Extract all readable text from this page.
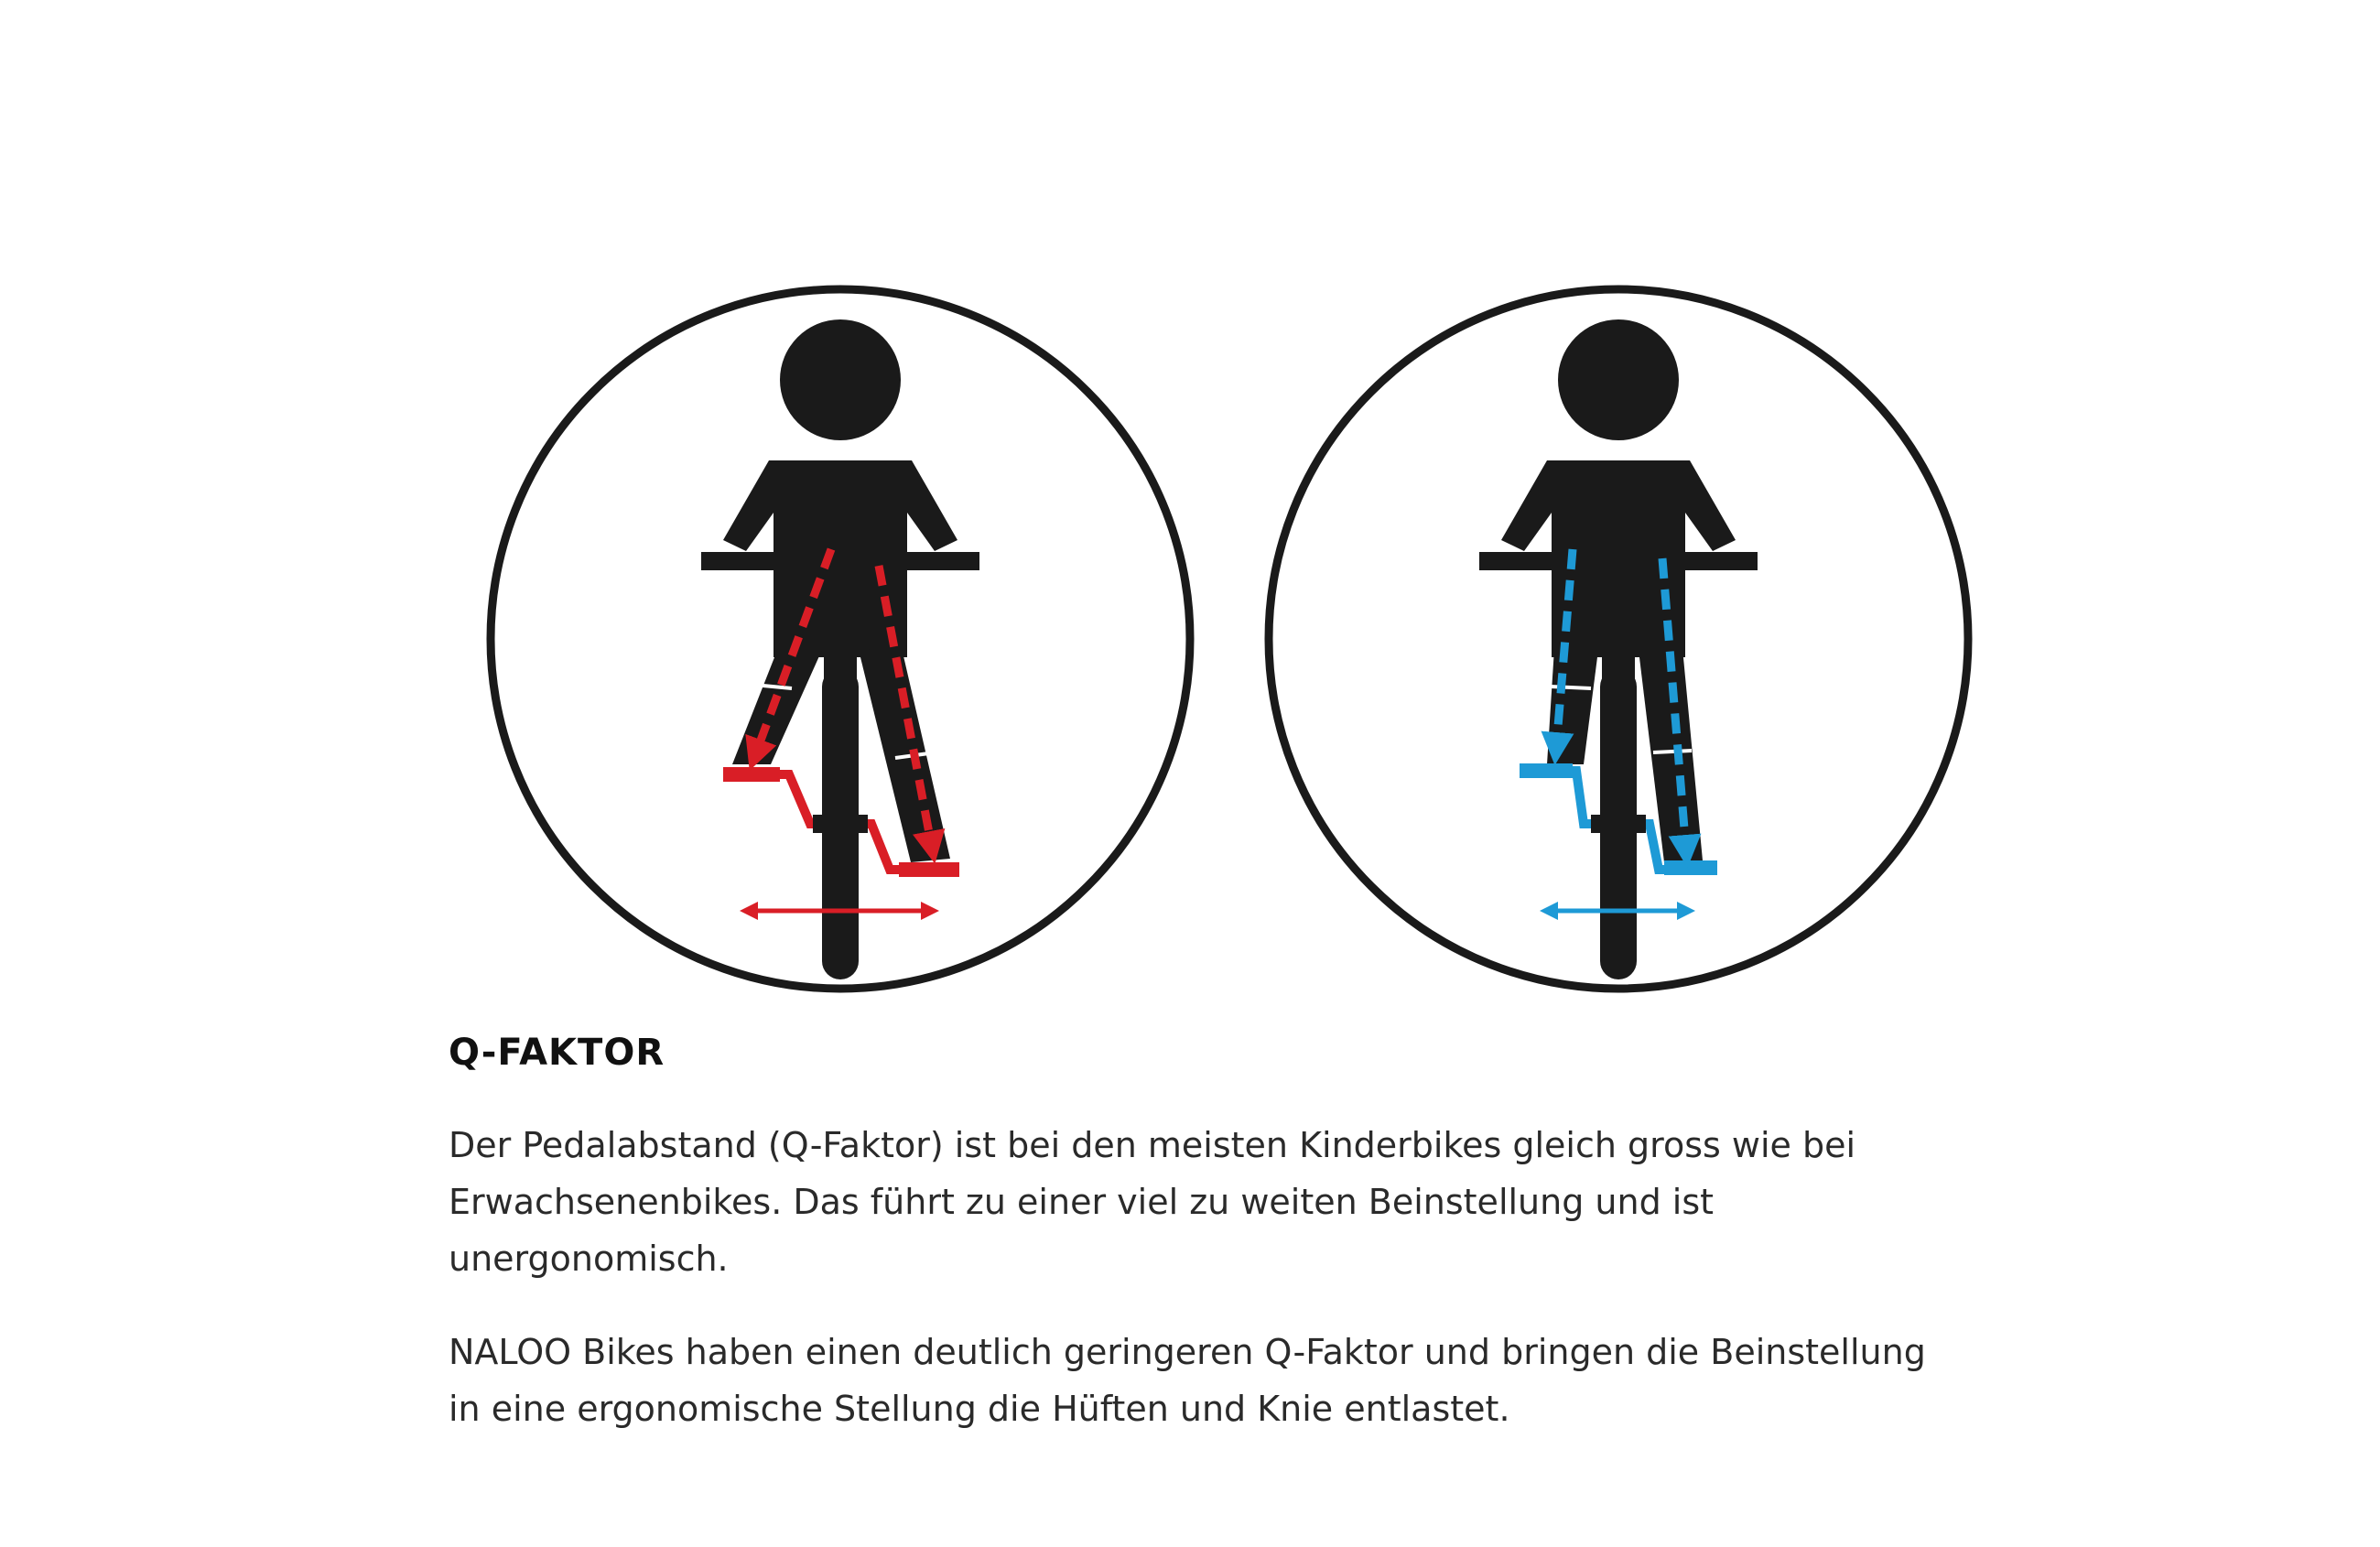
Q-FAKTOR

Der Pedalabstand (Q-Faktor) ist bei den meisten Kinderbikes gleich gross wie bei
Erwachsenenbikes. Das führt zu einer viel zu weiten Beinstellung und ist
unergonomisch.

NALOO Bikes haben einen deutlich geringeren Q-Faktor und bringen die Beinstellung
in eine ergonomische Stellung die Hüften und Knie entlastet.
